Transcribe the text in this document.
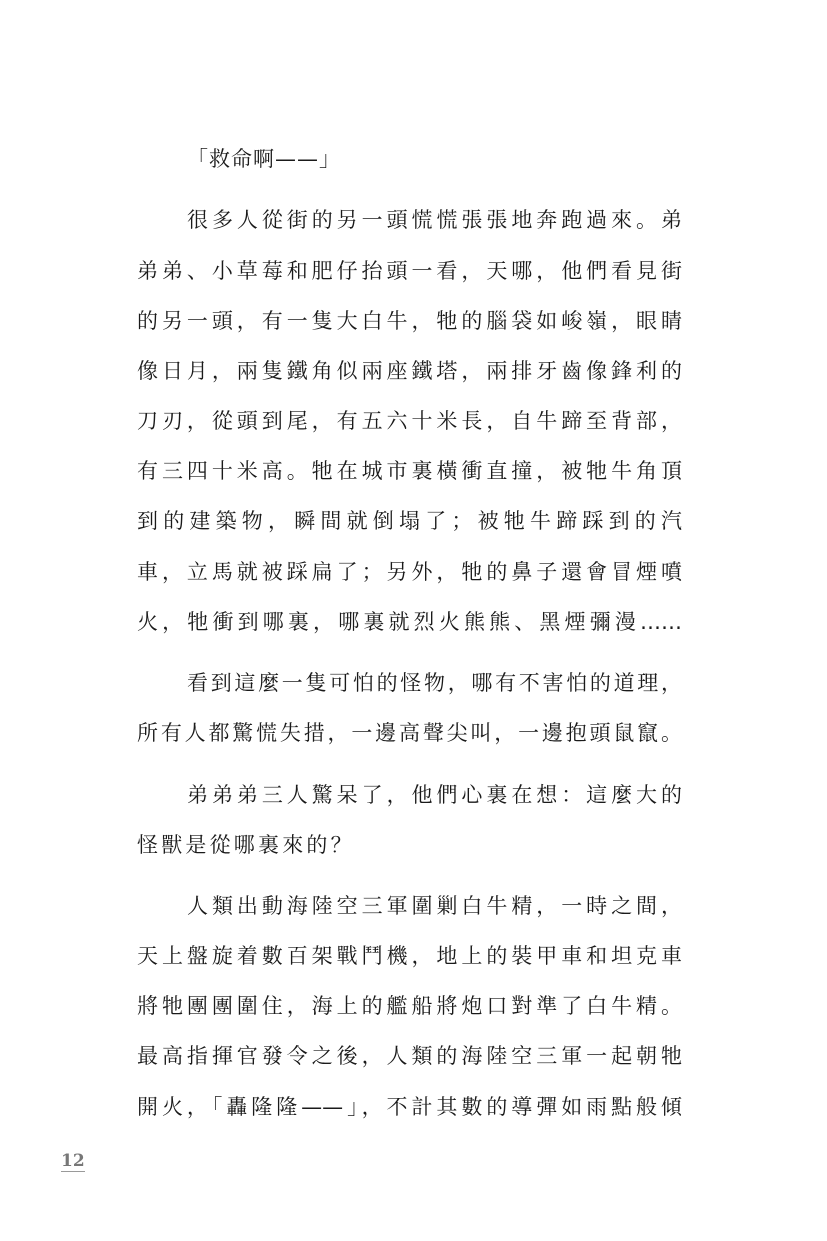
「救命啊——」
很多人從街的另一頭慌慌張張地奔跑過來。弟
弟弟、小草莓和肥仔抬頭一看，天哪，他們看見街
的另一頭，有一隻大白牛，牠的腦袋如峻嶺，眼睛
像日月，兩隻鐵角似兩座鐵塔，兩排牙齒像鋒利的
刀刃，從頭到尾，有五六十米長，自牛蹄至背部，
有三四十米高。牠在城市裏橫衝直撞，被牠牛角頂
到的建築物，瞬間就倒塌了；被牠牛蹄踩到的汽
車，立馬就被踩扁了；另外，牠的鼻子還會冒煙噴
火，牠衝到哪裏，哪裏就烈火熊熊、黑煙彌漫……
看到這麼一隻可怕的怪物，哪有不害怕的道理，
所有人都驚慌失措，一邊高聲尖叫，一邊抱頭鼠竄。
弟弟弟三人驚呆了，他們心裏在想：這麼大的
怪獸是從哪裏來的？
人類出動海陸空三軍圍剿白牛精，一時之間，
天上盤旋着數百架戰鬥機，地上的裝甲車和坦克車
將牠團團圍住，海上的艦船將炮口對準了白牛精。
最高指揮官發令之後，人類的海陸空三軍一起朝牠
開火，「轟隆隆——」，不計其數的導彈如雨點般傾
12
